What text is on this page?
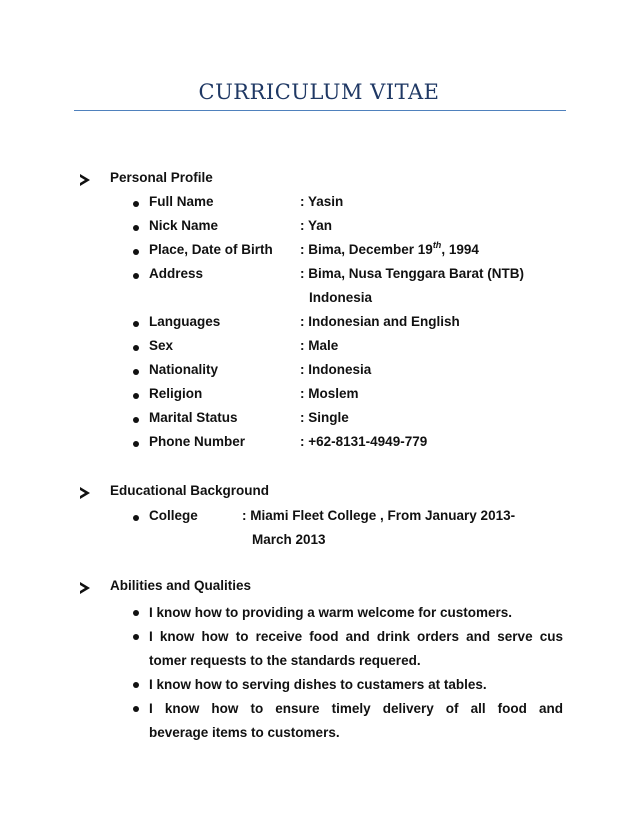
CURRICULUM VITAE
Personal Profile
Full Name	: Yasin
Nick Name	: Yan
Place, Date of Birth : Bima, December 19th, 1994
Address	: Bima, Nusa Tenggara Barat (NTB)
Indonesia
Languages	: Indonesian and English
Sex	: Male
Nationality	: Indonesia
Religion	: Moslem
Marital Status	: Single
Phone Number	: +62-8131-4949-779
Educational Background
College	: Miami Fleet College , From January 2013-
March 2013
Abilities and Qualities
I know how to providing a warm welcome for customers.
I know how to receive food and drink orders and serve cus
tomer requests to the standards requered.
I know how to serving dishes to custamers at tables.
I know how to ensure timely delivery of all food and
beverage items to customers.
